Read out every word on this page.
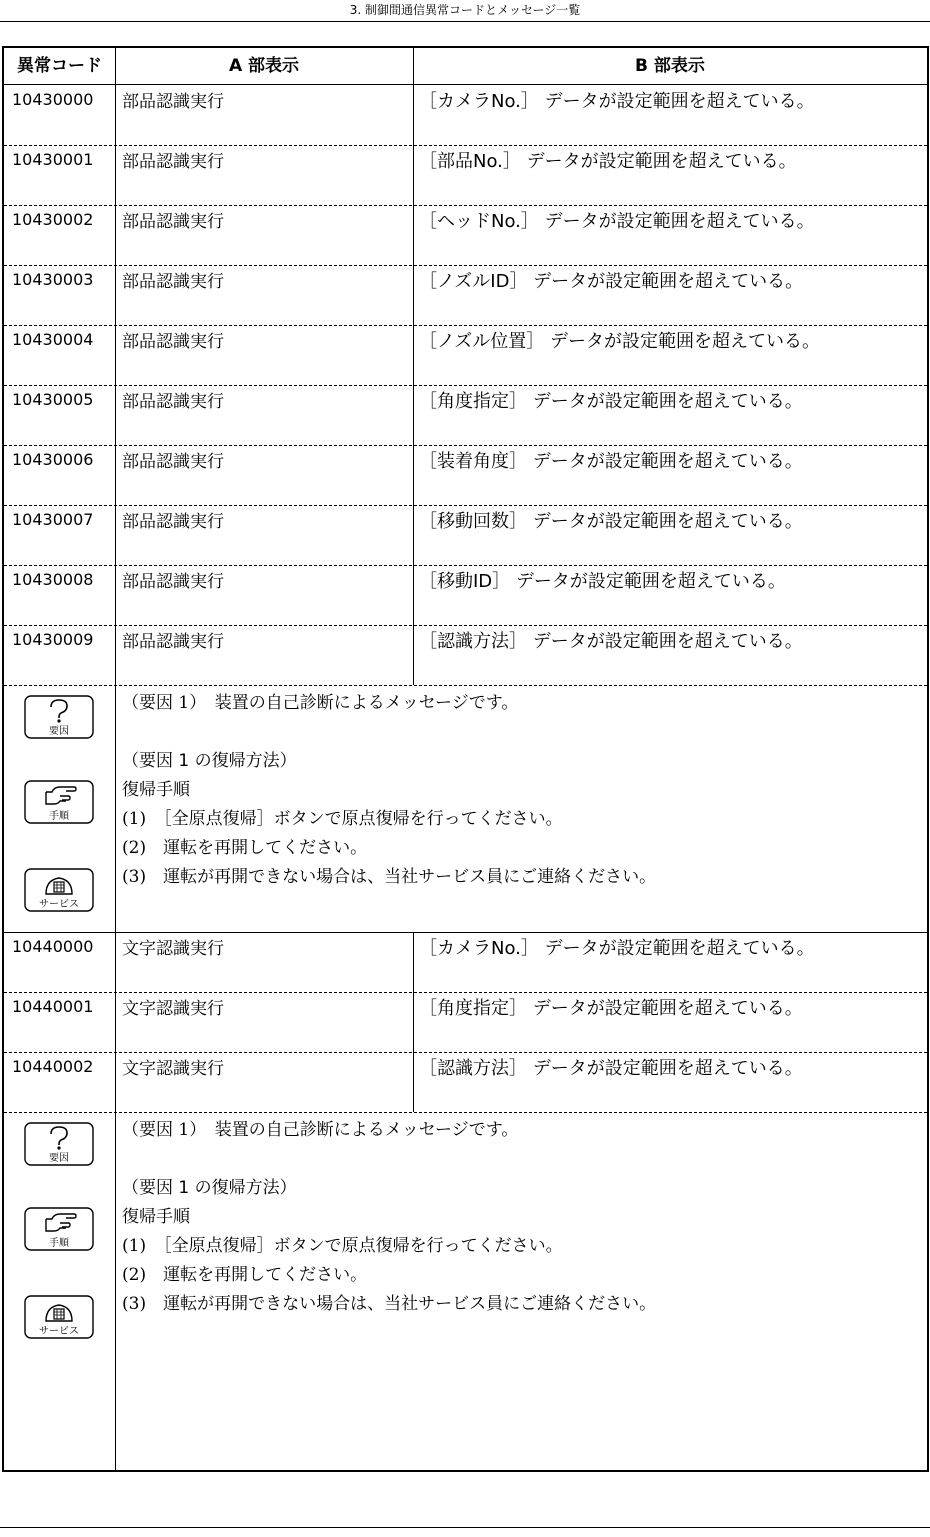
3. 制御間通信異常コードとメッセージ一覧
異常コード	A 部表示	B 部表示
10430000	部品認識実行	［カメラNo.］ データが設定範囲を超えている。
10430001	部品認識実行	［部品No.］ データが設定範囲を超えている。
10430002	部品認識実行	［ヘッドNo.］ データが設定範囲を超えている。
10430003	部品認識実行	［ノズルID］ データが設定範囲を超えている。
10430004	部品認識実行	［ノズル位置］ データが設定範囲を超えている。
10430005	部品認識実行	［角度指定］ データが設定範囲を超えている。
10430006	部品認識実行	［装着角度］ データが設定範囲を超えている。
10430007	部品認識実行	［移動回数］ データが設定範囲を超えている。
10430008	部品認識実行	［移動ID］ データが設定範囲を超えている。
10430009	部品認識実行	［認識方法］ データが設定範囲を超えている。
要因
手順
サービス
（要因 1）　装置の自己診断によるメッセージです。
（要因 1 の復帰方法）
復帰手順
(1)　［全原点復帰］ボタンで原点復帰を行ってください。
(2)　運転を再開してください。
(3)　運転が再開できない場合は、当社サービス員にご連絡ください。
10440000	文字認識実行	［カメラNo.］ データが設定範囲を超えている。
10440001	文字認識実行	［角度指定］ データが設定範囲を超えている。
10440002	文字認識実行	［認識方法］ データが設定範囲を超えている。
要因
手順
サービス
（要因 1）　装置の自己診断によるメッセージです。
（要因 1 の復帰方法）
復帰手順
(1)　［全原点復帰］ボタンで原点復帰を行ってください。
(2)　運転を再開してください。
(3)　運転が再開できない場合は、当社サービス員にご連絡ください。
